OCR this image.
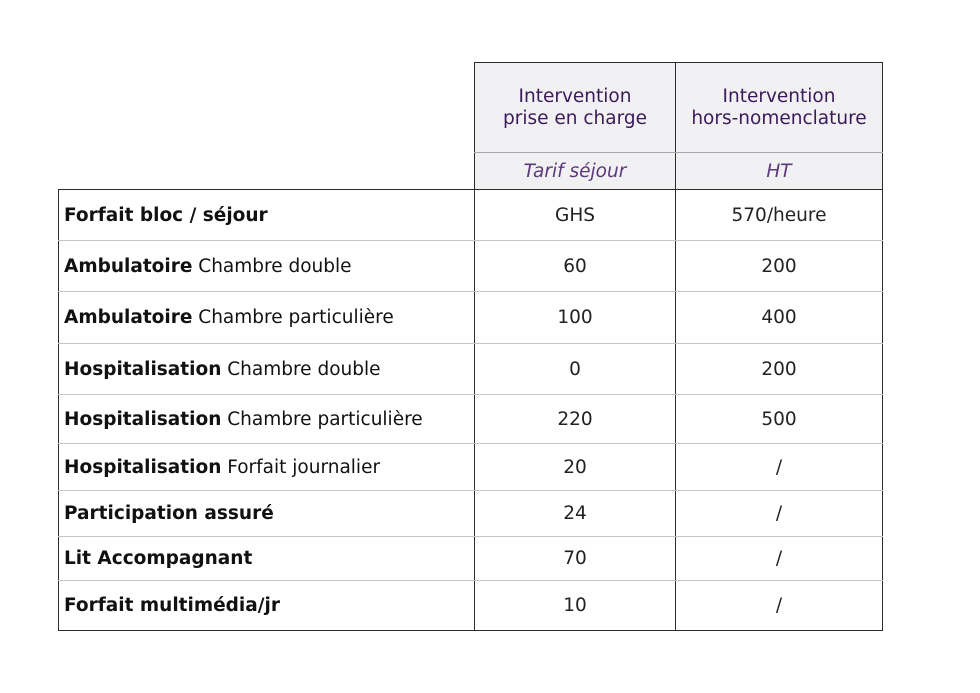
	Intervention
prise en charge	Intervention
hors-nomenclature

	Tarif séjour	HT
Forfait bloc / séjour	GHS	570/heure
Ambulatoire Chambre double	60	200
Ambulatoire Chambre particulière	100	400
Hospitalisation Chambre double	0	200
Hospitalisation Chambre particulière	220	500
Hospitalisation Forfait journalier	20	/
Participation assuré	24	/
Lit Accompagnant	70	/
Forfait multimédia/jr	10	/
